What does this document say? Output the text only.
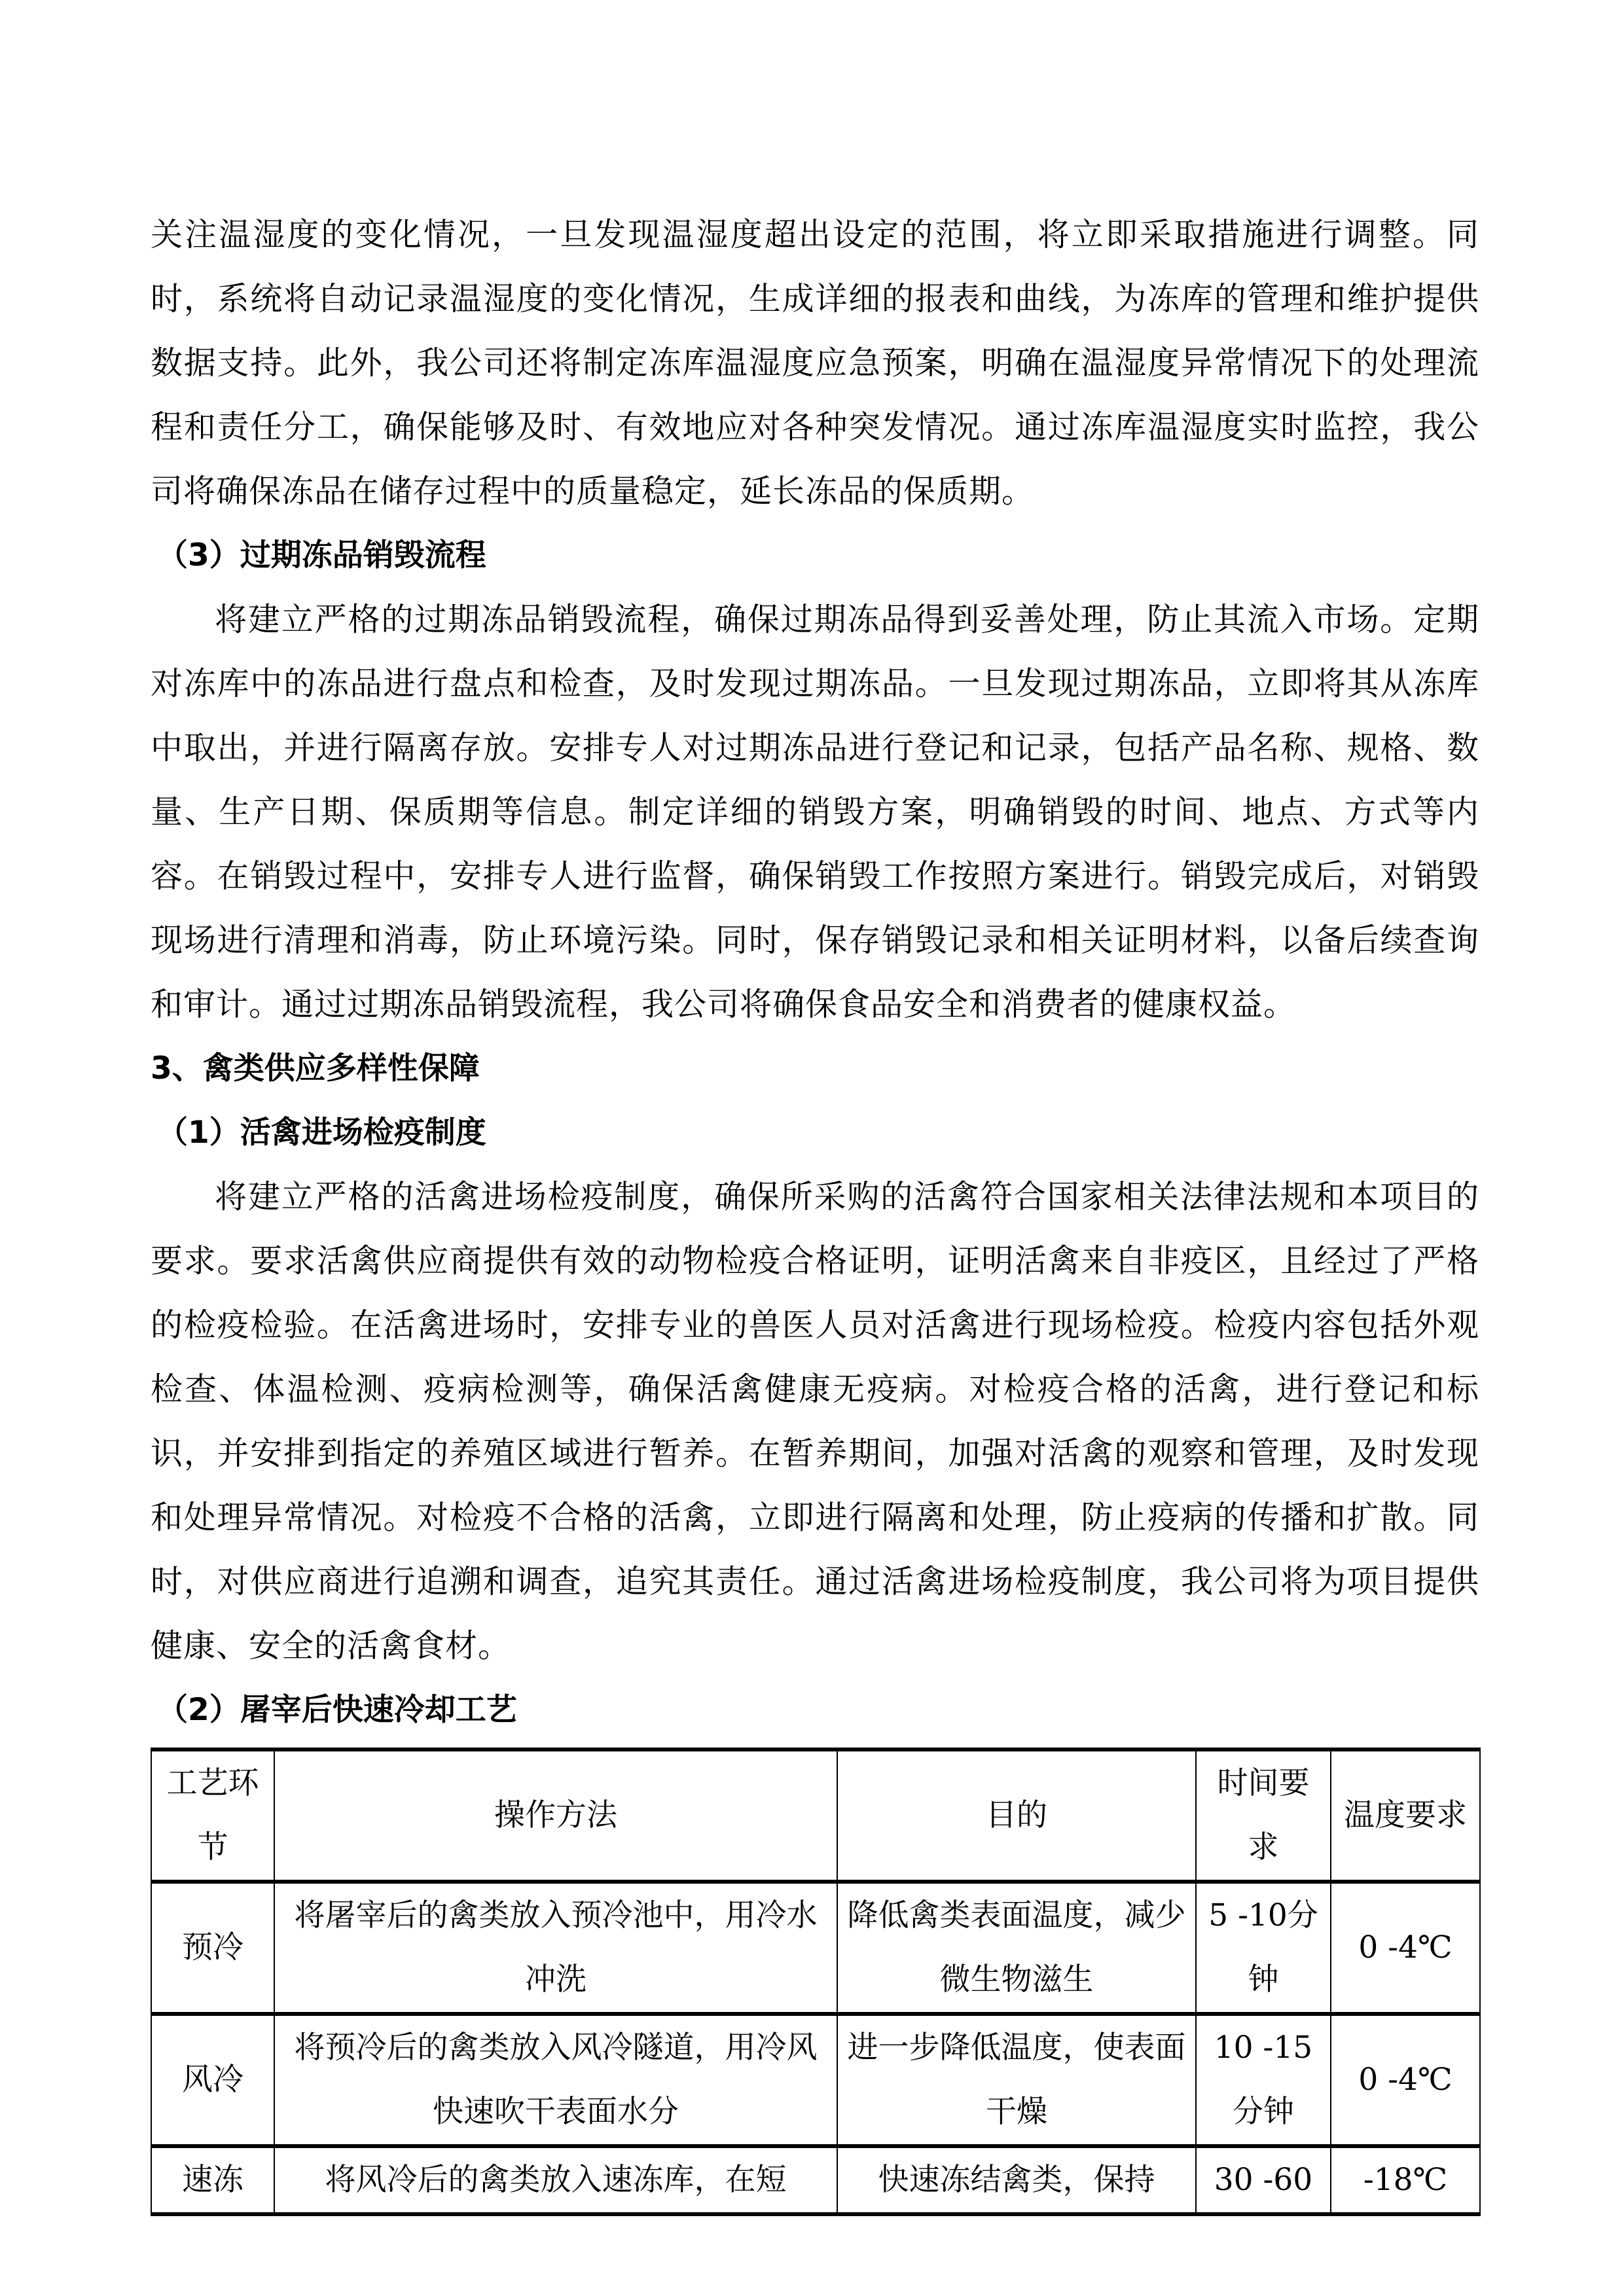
关注温湿度的变化情况，一旦发现温湿度超出设定的范围，将立即采取措施进行调整。同时，系统将自动记录温湿度的变化情况，生成详细的报表和曲线，为冻库的管理和维护提供数据支持。此外，我公司还将制定冻库温湿度应急预案，明确在温湿度异常情况下的处理流程和责任分工，确保能够及时、有效地应对各种突发情况。通过冻库温湿度实时监控，我公司将确保冻品在储存过程中的质量稳定，延长冻品的保质期。

（3）过期冻品销毁流程

将建立严格的过期冻品销毁流程，确保过期冻品得到妥善处理，防止其流入市场。定期对冻库中的冻品进行盘点和检查，及时发现过期冻品。一旦发现过期冻品，立即将其从冻库中取出，并进行隔离存放。安排专人对过期冻品进行登记和记录，包括产品名称、规格、数量、生产日期、保质期等信息。制定详细的销毁方案，明确销毁的时间、地点、方式等内容。在销毁过程中，安排专人进行监督，确保销毁工作按照方案进行。销毁完成后，对销毁现场进行清理和消毒，防止环境污染。同时，保存销毁记录和相关证明材料，以备后续查询和审计。通过过期冻品销毁流程，我公司将确保食品安全和消费者的健康权益。

3、禽类供应多样性保障

（1）活禽进场检疫制度

将建立严格的活禽进场检疫制度，确保所采购的活禽符合国家相关法律法规和本项目的要求。要求活禽供应商提供有效的动物检疫合格证明，证明活禽来自非疫区，且经过了严格的检疫检验。在活禽进场时，安排专业的兽医人员对活禽进行现场检疫。检疫内容包括外观检查、体温检测、疫病检测等，确保活禽健康无疫病。对检疫合格的活禽，进行登记和标识，并安排到指定的养殖区域进行暂养。在暂养期间，加强对活禽的观察和管理，及时发现和处理异常情况。对检疫不合格的活禽，立即进行隔离和处理，防止疫病的传播和扩散。同时，对供应商进行追溯和调查，追究其责任。通过活禽进场检疫制度，我公司将为项目提供健康、安全的活禽食材。

（2）屠宰后快速冷却工艺

工艺环节	操作方法	目的	时间要求	温度要求
预冷	将屠宰后的禽类放入预冷池中，用冷水冲洗	降低禽类表面温度，减少微生物滋生	5 -10分钟	0 -4℃
风冷	将预冷后的禽类放入风冷隧道，用冷风快速吹干表面水分	进一步降低温度，使表面干燥	10 -15分钟	0 -4℃
速冻	将风冷后的禽类放入速冻库，在短	快速冻结禽类，保持	30 -60	-18℃
